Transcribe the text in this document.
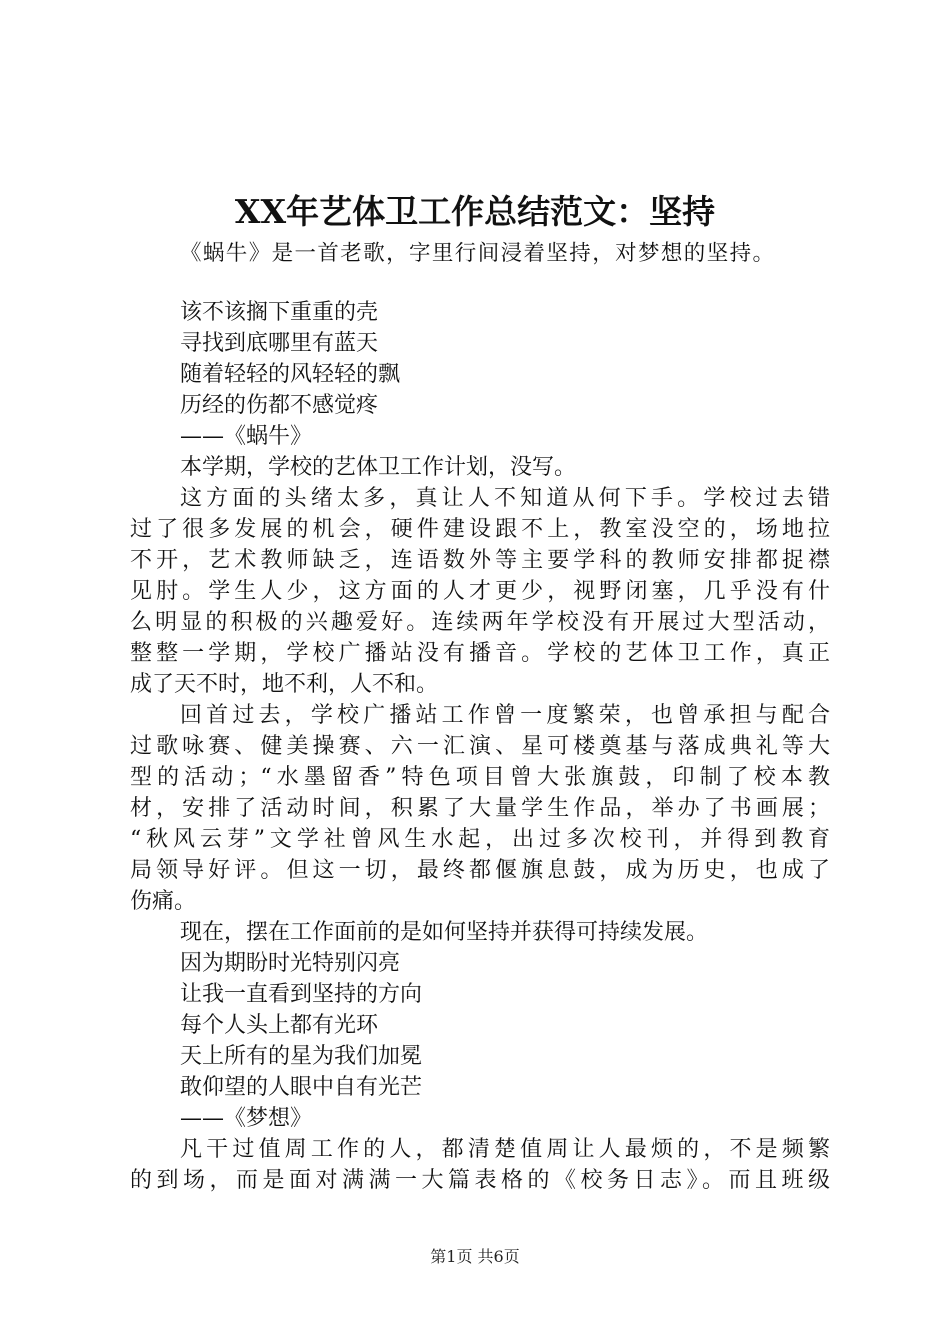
XX年艺体卫工作总结范文：坚持

《蜗牛》是一首老歌，字里行间浸着坚持，对梦想的坚持。

该不该搁下重重的壳
寻找到底哪里有蓝天
随着轻轻的风轻轻的飘
历经的伤都不感觉疼
——《蜗牛》
本学期，学校的艺体卫工作计划，没写。
这方面的头绪太多，真让人不知道从何下手。学校过去错
过了很多发展的机会，硬件建设跟不上，教室没空的，场地拉
不开，艺术教师缺乏，连语数外等主要学科的教师安排都捉襟
见肘。学生人少，这方面的人才更少，视野闭塞，几乎没有什
么明显的积极的兴趣爱好。连续两年学校没有开展过大型活动，
整整一学期，学校广播站没有播音。学校的艺体卫工作，真正
成了天不时，地不利，人不和。
回首过去，学校广播站工作曾一度繁荣，也曾承担与配合
过歌咏赛、健美操赛、六一汇演、星可楼奠基与落成典礼等大
型的活动；“水墨留香”特色项目曾大张旗鼓，印制了校本教
材，安排了活动时间，积累了大量学生作品，举办了书画展；
“秋风云芽”文学社曾风生水起，出过多次校刊，并得到教育
局领导好评。但这一切，最终都偃旗息鼓，成为历史，也成了
伤痛。
现在，摆在工作面前的是如何坚持并获得可持续发展。
因为期盼时光特别闪亮
让我一直看到坚持的方向
每个人头上都有光环
天上所有的星为我们加冕
敢仰望的人眼中自有光芒
——《梦想》
凡干过值周工作的人，都清楚值周让人最烦的，不是频繁
的到场，而是面对满满一大篇表格的《校务日志》。而且班级

第1页 共6页
